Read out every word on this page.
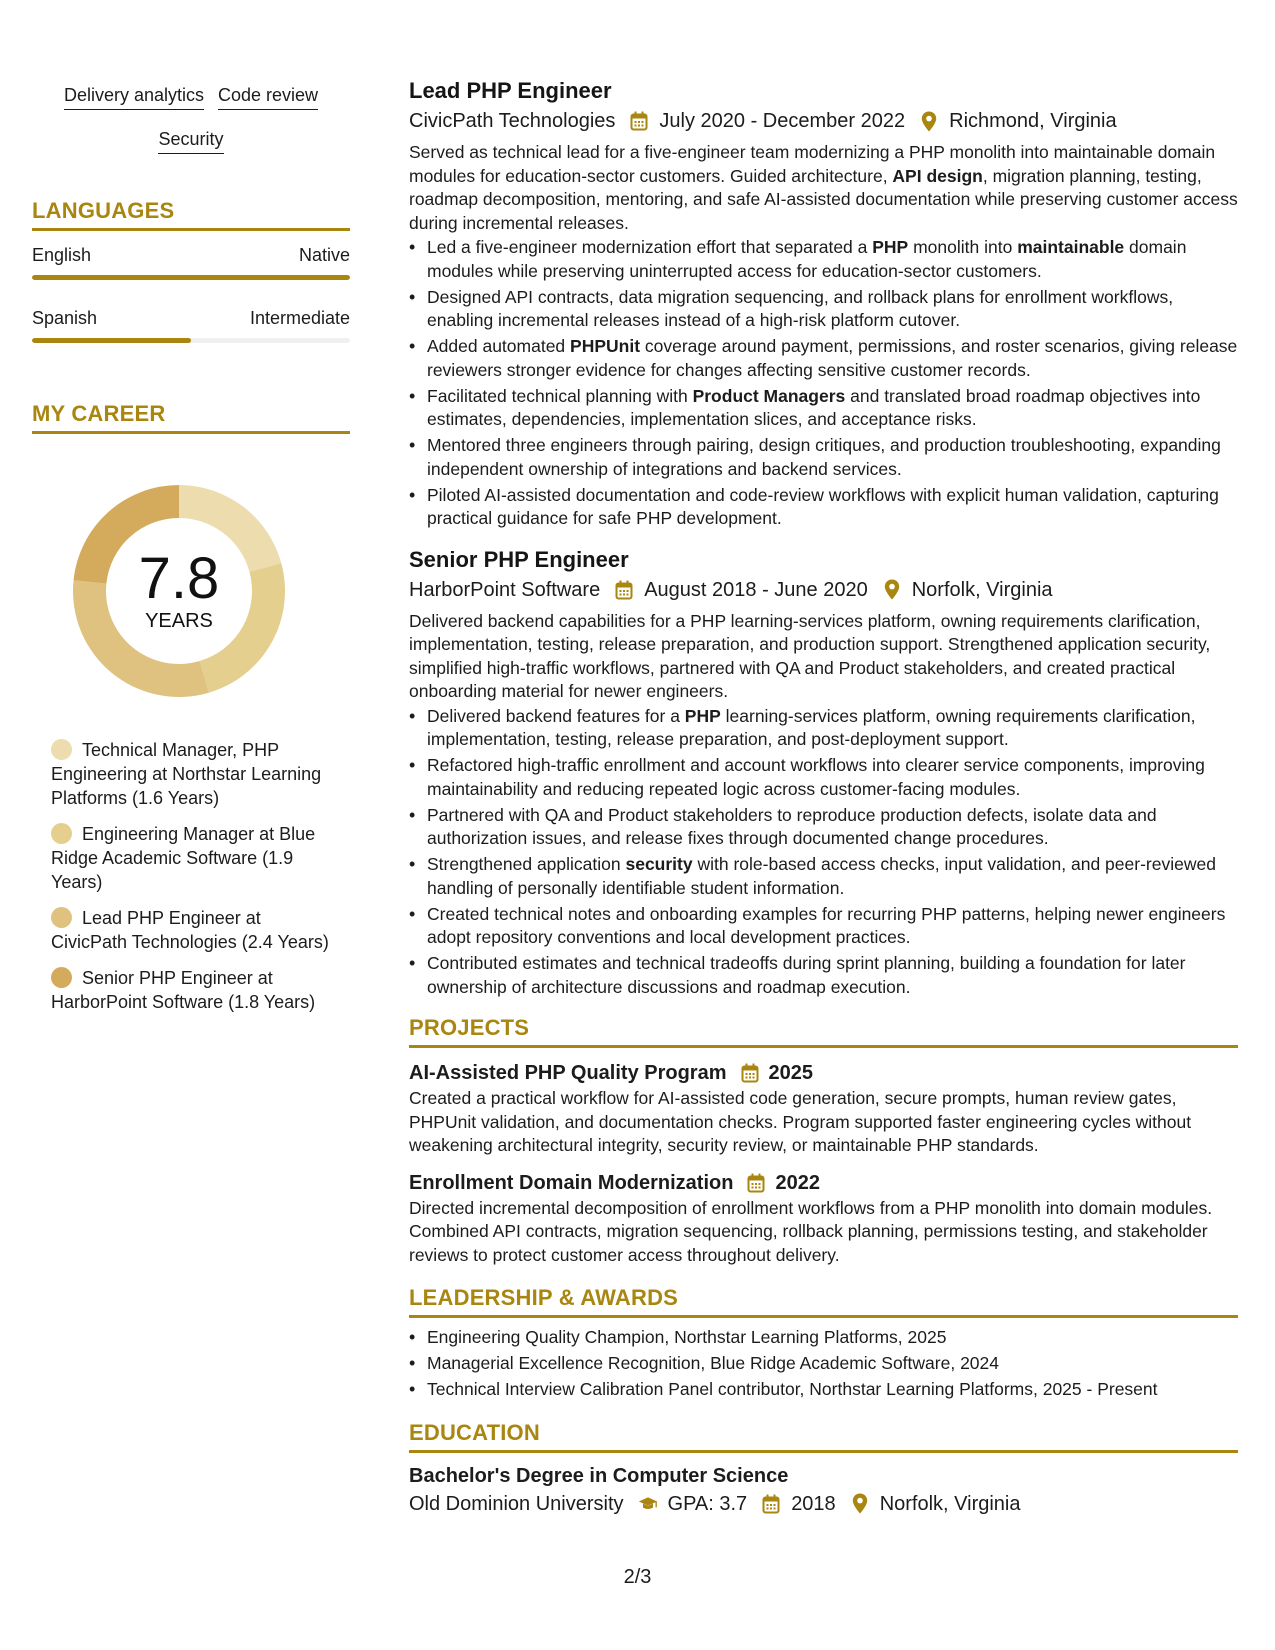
Delivery analytics Code review
Security
LANGUAGES
English	Native
Spanish	Intermediate
MY CAREER
7.8
YEARS
Technical Manager, PHP Engineering at Northstar Learning Platforms (1.6 Years)
Engineering Manager at Blue Ridge Academic Software (1.9 Years)
Lead PHP Engineer at CivicPath Technologies (2.4 Years)
Senior PHP Engineer at HarborPoint Software (1.8 Years)
Lead PHP Engineer
CivicPath Technologies July 2020 - December 2022 Richmond, Virginia
Served as technical lead for a five-engineer team modernizing a PHP monolith into maintainable domain modules for education-sector customers. Guided architecture, API design, migration planning, testing, roadmap decomposition, mentoring, and safe AI-assisted documentation while preserving customer access during incremental releases.
• Led a five-engineer modernization effort that separated a PHP monolith into maintainable domain modules while preserving uninterrupted access for education-sector customers.
• Designed API contracts, data migration sequencing, and rollback plans for enrollment workflows, enabling incremental releases instead of a high-risk platform cutover.
• Added automated PHPUnit coverage around payment, permissions, and roster scenarios, giving release reviewers stronger evidence for changes affecting sensitive customer records.
• Facilitated technical planning with Product Managers and translated broad roadmap objectives into estimates, dependencies, implementation slices, and acceptance risks.
• Mentored three engineers through pairing, design critiques, and production troubleshooting, expanding independent ownership of integrations and backend services.
• Piloted AI-assisted documentation and code-review workflows with explicit human validation, capturing practical guidance for safe PHP development.
Senior PHP Engineer
HarborPoint Software August 2018 - June 2020 Norfolk, Virginia
Delivered backend capabilities for a PHP learning-services platform, owning requirements clarification, implementation, testing, release preparation, and production support. Strengthened application security, simplified high-traffic workflows, partnered with QA and Product stakeholders, and created practical onboarding material for newer engineers.
• Delivered backend features for a PHP learning-services platform, owning requirements clarification, implementation, testing, release preparation, and post-deployment support.
• Refactored high-traffic enrollment and account workflows into clearer service components, improving maintainability and reducing repeated logic across customer-facing modules.
• Partnered with QA and Product stakeholders to reproduce production defects, isolate data and authorization issues, and release fixes through documented change procedures.
• Strengthened application security with role-based access checks, input validation, and peer-reviewed handling of personally identifiable student information.
• Created technical notes and onboarding examples for recurring PHP patterns, helping newer engineers adopt repository conventions and local development practices.
• Contributed estimates and technical tradeoffs during sprint planning, building a foundation for later ownership of architecture discussions and roadmap execution.
PROJECTS
AI-Assisted PHP Quality Program 2025
Created a practical workflow for AI-assisted code generation, secure prompts, human review gates, PHPUnit validation, and documentation checks. Program supported faster engineering cycles without weakening architectural integrity, security review, or maintainable PHP standards.
Enrollment Domain Modernization 2022
Directed incremental decomposition of enrollment workflows from a PHP monolith into domain modules. Combined API contracts, migration sequencing, rollback planning, permissions testing, and stakeholder reviews to protect customer access throughout delivery.
LEADERSHIP & AWARDS
• Engineering Quality Champion, Northstar Learning Platforms, 2025
• Managerial Excellence Recognition, Blue Ridge Academic Software, 2024
• Technical Interview Calibration Panel contributor, Northstar Learning Platforms, 2025 - Present
EDUCATION
Bachelor's Degree in Computer Science
Old Dominion University GPA: 3.7 2018 Norfolk, Virginia
2/3
